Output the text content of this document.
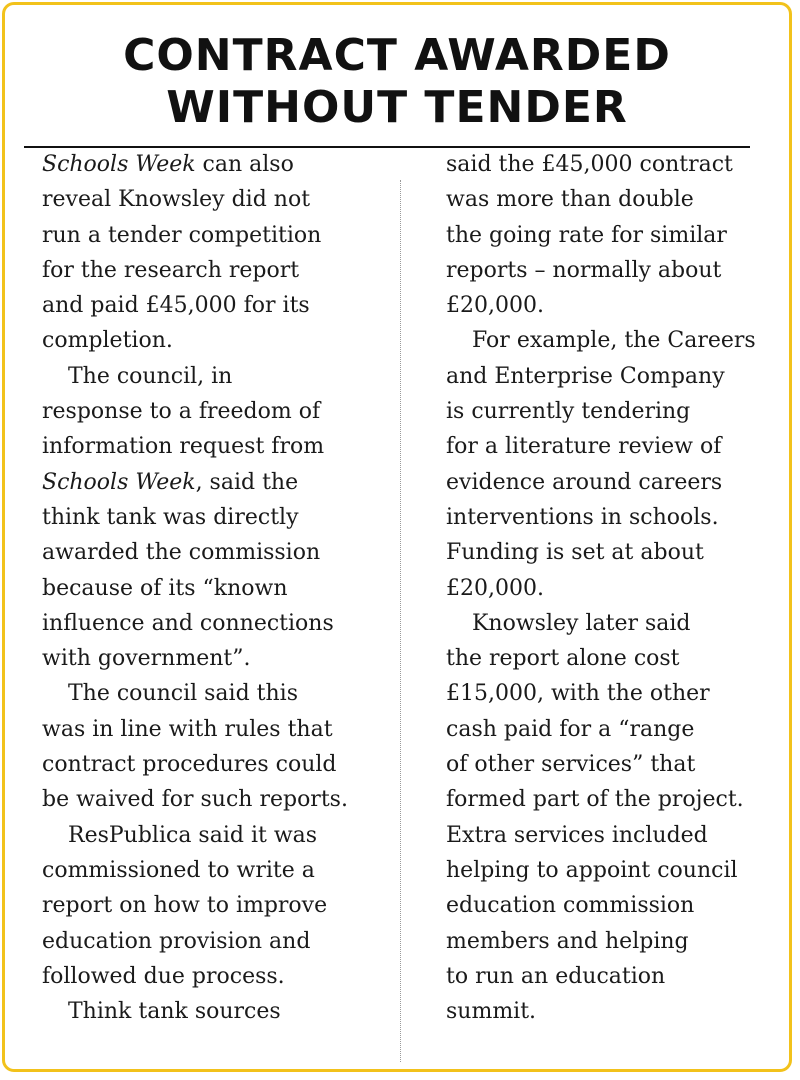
CONTRACT AWARDED
WITHOUT TENDER
Schools Week can also
reveal Knowsley did not
run a tender competition
for the research report
and paid £45,000 for its
completion.
The council, in
response to a freedom of
information request from
Schools Week, said the
think tank was directly
awarded the commission
because of its “known
influence and connections
with government”.
The council said this
was in line with rules that
contract procedures could
be waived for such reports.
ResPublica said it was
commissioned to write a
report on how to improve
education provision and
followed due process.
Think tank sources
said the £45,000 contract
was more than double
the going rate for similar
reports – normally about
£20,000.
For example, the Careers
and Enterprise Company
is currently tendering
for a literature review of
evidence around careers
interventions in schools.
Funding is set at about
£20,000.
Knowsley later said
the report alone cost
£15,000, with the other
cash paid for a “range
of other services” that
formed part of the project.
Extra services included
helping to appoint council
education commission
members and helping
to run an education
summit.
